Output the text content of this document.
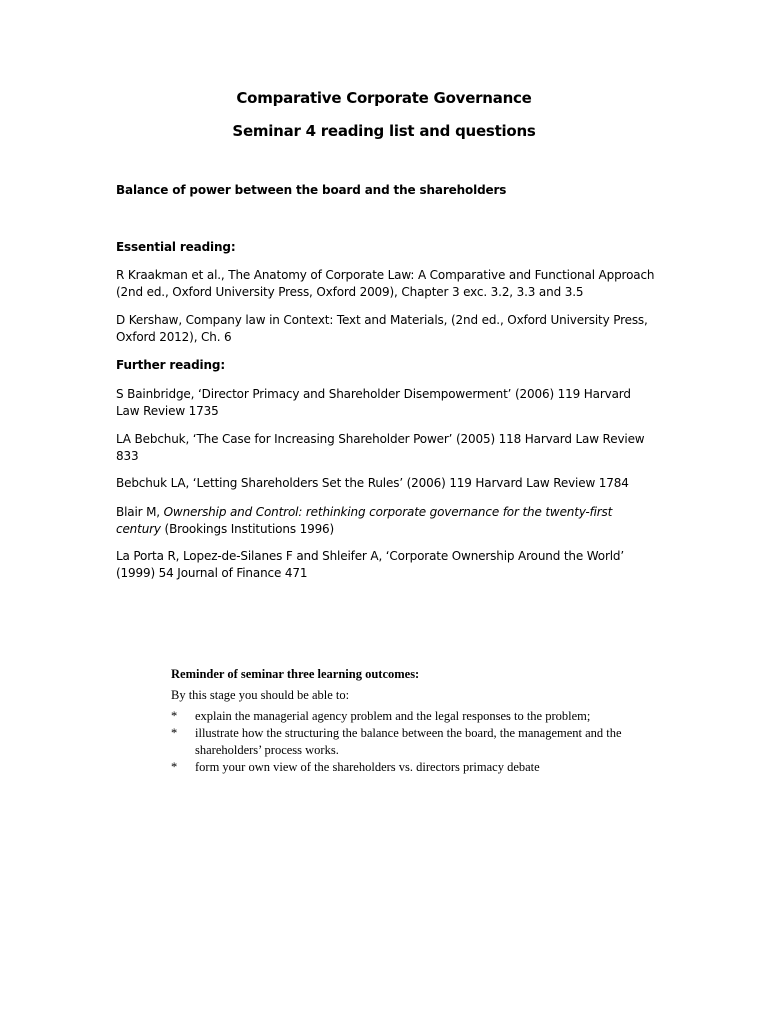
Comparative Corporate Governance
Seminar 4 reading list and questions
Balance of power between the board and the shareholders
Essential reading:

R Kraakman et al., The Anatomy of Corporate Law: A Comparative and Functional Approach (2nd ed., Oxford University Press, Oxford 2009), Chapter 3 exc. 3.2, 3.3 and 3.5

D Kershaw, Company law in Context: Text and Materials, (2nd ed., Oxford University Press, Oxford 2012), Ch. 6

Further reading:

S Bainbridge, ‘Director Primacy and Shareholder Disempowerment’ (2006) 119 Harvard Law Review 1735

LA Bebchuk, ‘The Case for Increasing Shareholder Power’ (2005) 118 Harvard Law Review 833

Bebchuk LA, ‘Letting Shareholders Set the Rules’ (2006) 119 Harvard Law Review 1784

Blair M, Ownership and Control: rethinking corporate governance for the twenty-first century (Brookings Institutions 1996)

La Porta R, Lopez-de-Silanes F and Shleifer A, ‘Corporate Ownership Around the World’ (1999) 54 Journal of Finance 471

Reminder of seminar three learning outcomes:
By this stage you should be able to:
*	explain the managerial agency problem and the legal responses to the problem;
*	illustrate how the structuring the balance between the board, the management and the shareholders’ process works.
*	form your own view of the shareholders vs. directors primacy debate
